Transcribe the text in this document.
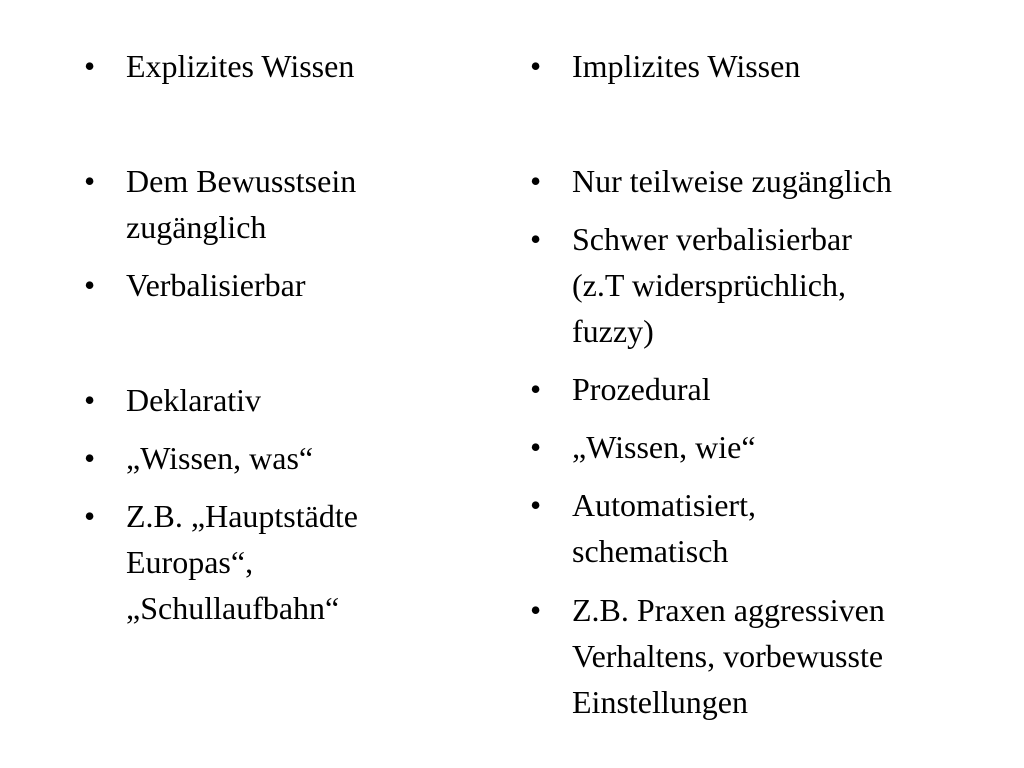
• Explizites Wissen
• Dem Bewusstsein
zugänglich
• Verbalisierbar
• Deklarativ
• „Wissen, was“
• Z.B. „Hauptstädte
Europas“,
„Schullaufbahn“
• Implizites Wissen
• Nur teilweise zugänglich
• Schwer verbalisierbar
(z.T widersprüchlich,
fuzzy)
• Prozedural
• „Wissen, wie“
• Automatisiert,
schematisch
• Z.B. Praxen aggressiven
Verhaltens, vorbewusste
Einstellungen
